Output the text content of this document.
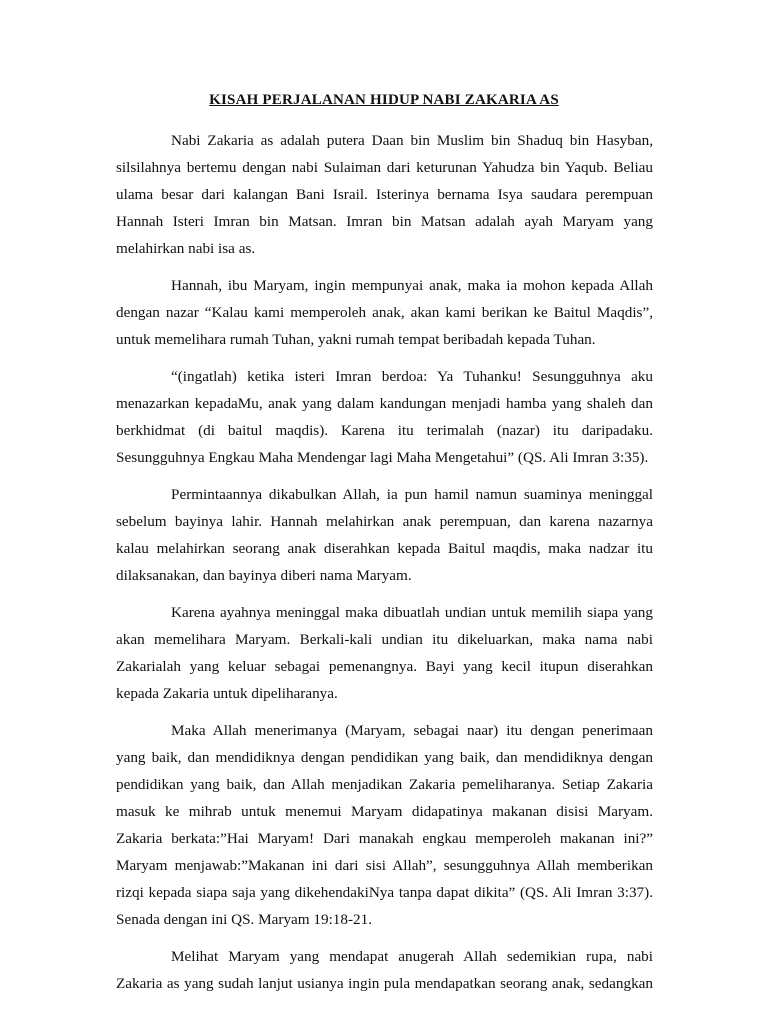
KISAH PERJALANAN HIDUP NABI ZAKARIA AS

Nabi Zakaria as adalah putera Daan bin Muslim bin Shaduq bin Hasyban,
silsilahnya bertemu dengan nabi Sulaiman dari keturunan Yahudza bin Yaqub. Beliau
ulama besar dari kalangan Bani Israil. Isterinya bernama Isya saudara perempuan
Hannah Isteri Imran bin Matsan. Imran bin Matsan adalah ayah Maryam yang
melahirkan nabi isa as.

Hannah, ibu Maryam, ingin mempunyai anak, maka ia mohon kepada Allah
dengan nazar “Kalau kami memperoleh anak, akan kami berikan ke Baitul Maqdis”,
untuk memelihara rumah Tuhan, yakni rumah tempat beribadah kepada Tuhan.

“(ingatlah) ketika isteri Imran berdoa: Ya Tuhanku! Sesungguhnya aku
menazarkan kepadaMu, anak yang dalam kandungan menjadi hamba yang shaleh dan
berkhidmat (di baitul maqdis). Karena itu terimalah (nazar) itu daripadaku.
Sesungguhnya Engkau Maha Mendengar lagi Maha Mengetahui” (QS. Ali Imran 3:35).

Permintaannya dikabulkan Allah, ia pun hamil namun suaminya meninggal
sebelum bayinya lahir. Hannah melahirkan anak perempuan, dan karena nazarnya
kalau melahirkan seorang anak diserahkan kepada Baitul maqdis, maka nadzar itu
dilaksanakan, dan bayinya diberi nama Maryam.

Karena ayahnya meninggal maka dibuatlah undian untuk memilih siapa yang
akan memelihara Maryam. Berkali-kali undian itu dikeluarkan, maka nama nabi
Zakarialah yang keluar sebagai pemenangnya. Bayi yang kecil itupun diserahkan
kepada Zakaria untuk dipeliharanya.

Maka Allah menerimanya (Maryam, sebagai naar) itu dengan penerimaan
yang baik, dan mendidiknya dengan pendidikan yang baik, dan mendidiknya dengan
pendidikan yang baik, dan Allah menjadikan Zakaria pemeliharanya. Setiap Zakaria
masuk ke mihrab untuk menemui Maryam didapatinya makanan disisi Maryam.
Zakaria berkata:”Hai Maryam! Dari manakah engkau memperoleh makanan ini?”
Maryam menjawab:”Makanan ini dari sisi Allah”, sesungguhnya Allah memberikan
rizqi kepada siapa saja yang dikehendakiNya tanpa dapat dikita” (QS. Ali Imran 3:37).
Senada dengan ini QS. Maryam 19:18-21.

Melihat Maryam yang mendapat anugerah Allah sedemikian rupa, nabi
Zakaria as yang sudah lanjut usianya ingin pula mendapatkan seorang anak, sedangkan
